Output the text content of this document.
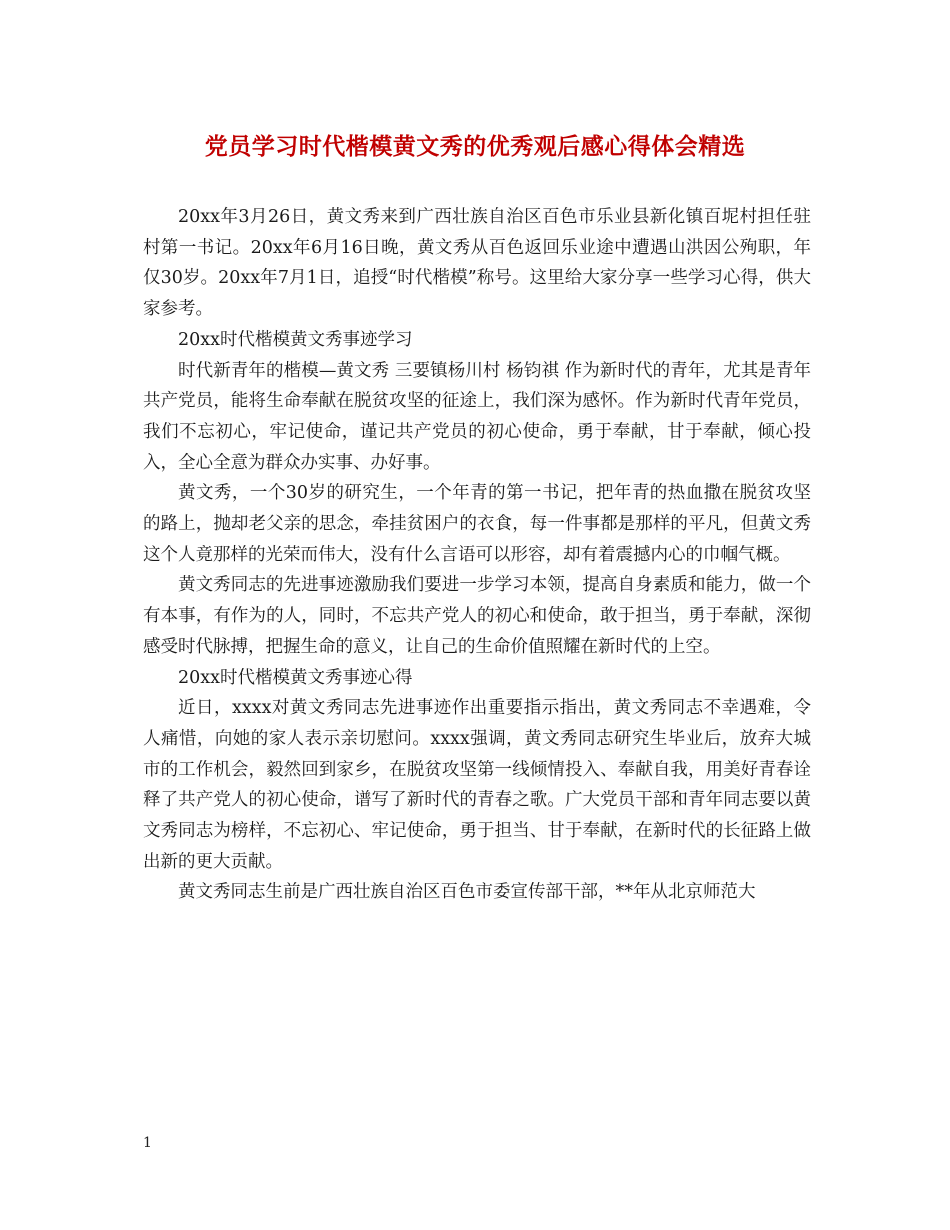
党员学习时代楷模黄文秀的优秀观后感心得体会精选

20xx年3月26日，黄文秀来到广西壮族自治区百色市乐业县新化镇百坭村担任驻村第一书记。20xx年6月16日晚，黄文秀从百色返回乐业途中遭遇山洪因公殉职，年仅30岁。20xx年7月1日，追授“时代楷模”称号。这里给大家分享一些学习心得，供大家参考。

20xx时代楷模黄文秀事迹学习

时代新青年的楷模—黄文秀 三要镇杨川村 杨钧祺 作为新时代的青年，尤其是青年共产党员，能将生命奉献在脱贫攻坚的征途上，我们深为感怀。作为新时代青年党员，我们不忘初心，牢记使命，谨记共产党员的初心使命，勇于奉献，甘于奉献，倾心投入，全心全意为群众办实事、办好事。

黄文秀，一个30岁的研究生，一个年青的第一书记，把年青的热血撒在脱贫攻坚的路上，抛却老父亲的思念，牵挂贫困户的衣食，每一件事都是那样的平凡，但黄文秀这个人竟那样的光荣而伟大，没有什么言语可以形容，却有着震撼内心的巾帼气概。

黄文秀同志的先进事迹激励我们要进一步学习本领，提高自身素质和能力，做一个有本事，有作为的人，同时，不忘共产党人的初心和使命，敢于担当，勇于奉献，深彻感受时代脉搏，把握生命的意义，让自己的生命价值照耀在新时代的上空。

20xx时代楷模黄文秀事迹心得

近日，xxxx对黄文秀同志先进事迹作出重要指示指出，黄文秀同志不幸遇难，令人痛惜，向她的家人表示亲切慰问。xxxx强调，黄文秀同志研究生毕业后，放弃大城市的工作机会，毅然回到家乡，在脱贫攻坚第一线倾情投入、奉献自我，用美好青春诠释了共产党人的初心使命，谱写了新时代的青春之歌。广大党员干部和青年同志要以黄文秀同志为榜样，不忘初心、牢记使命，勇于担当、甘于奉献，在新时代的长征路上做出新的更大贡献。

黄文秀同志生前是广西壮族自治区百色市委宣传部干部，**年从北京师范大

1
